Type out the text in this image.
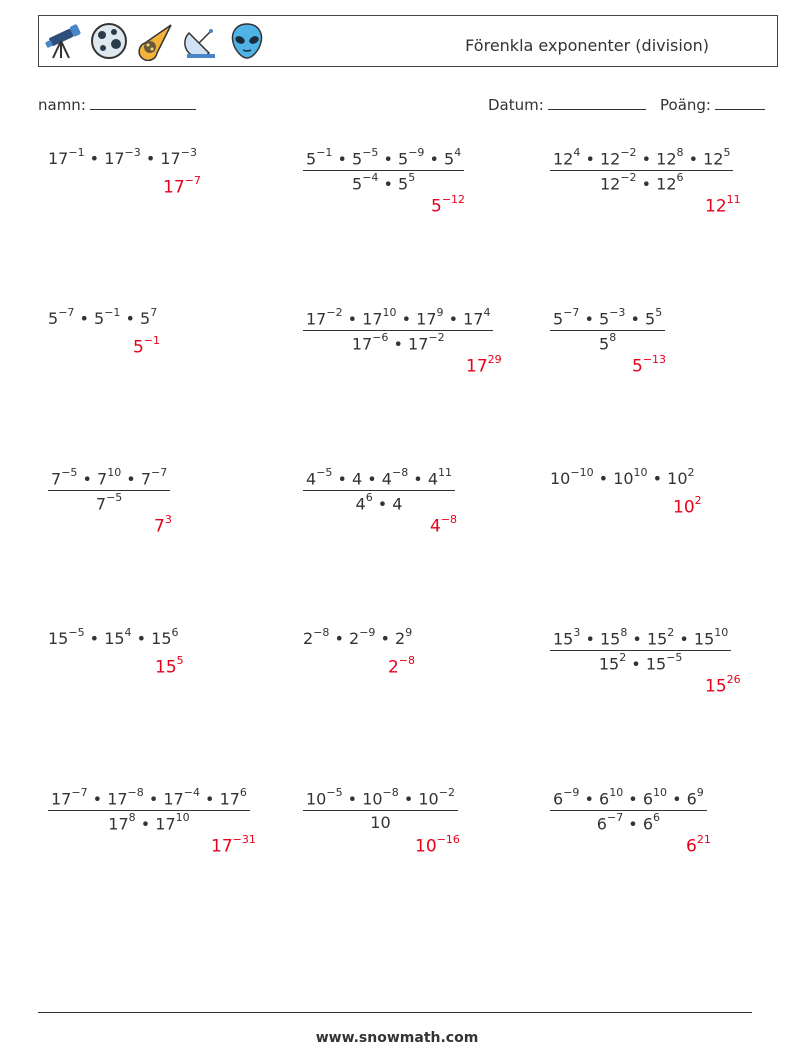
Förenkla exponenter (division)
namn:	Datum:	Poäng:
$17^{-1}$ • $17^{-3}$ • $17^{-3}$
$17^{-7}$	$\frac{5^{-1} • 5^{-5} • 5^{-9} • 5^4}{5^{-4} • 5^5}$
$5^{-12}$
$\frac{12^4 • 12^{-2} • 12^8 • 12^5}{12^{-2} • 12^6}$
$12^{11}$
$5^{-7}$ • $5^{-1}$ • $5^7$
$5^{-1}$	$\frac{17^{-2} • 17^{10} • 17^9 • 17^4}{17^{-6} • 17^{-2}}$
$17^{29}$
$\frac{5^{-7} • 5^{-3} • 5^5}{5^8}$
$5^{-13}$
$\frac{7^{-5} • 7^{10} • 7^{-7}}{7^{-5}}$
$7^3$
$\frac{4^{-5} • 4 • 4^{-8} • 4^{11}}{4^6 • 4}$
$4^{-8}$
$10^{-10}$ • $10^{10}$ • $10^2$
$10^2$
$15^{-5}$ • $15^4$ • $15^6$
$15^5$
$2^{-8}$ • $2^{-9}$ • $2^9$
$2^{-8}$	$\frac{15^3 • 15^8 • 15^2 • 15^{10}}{15^2 • 15^{-5}}$
$15^{26}$
$\frac{17^{-7} • 17^{-8} • 17^{-4} • 17^6}{17^8 • 17^{10}}$
$17^{-31}$
$\frac{10^{-5} • 10^{-8} • 10^{-2}}{10}$
$10^{-16}$
$\frac{6^{-9} • 6^{10} • 6^{10} • 6^9}{6^{-7} • 6^6}$
$6^{21}$
www.snowmath.com
